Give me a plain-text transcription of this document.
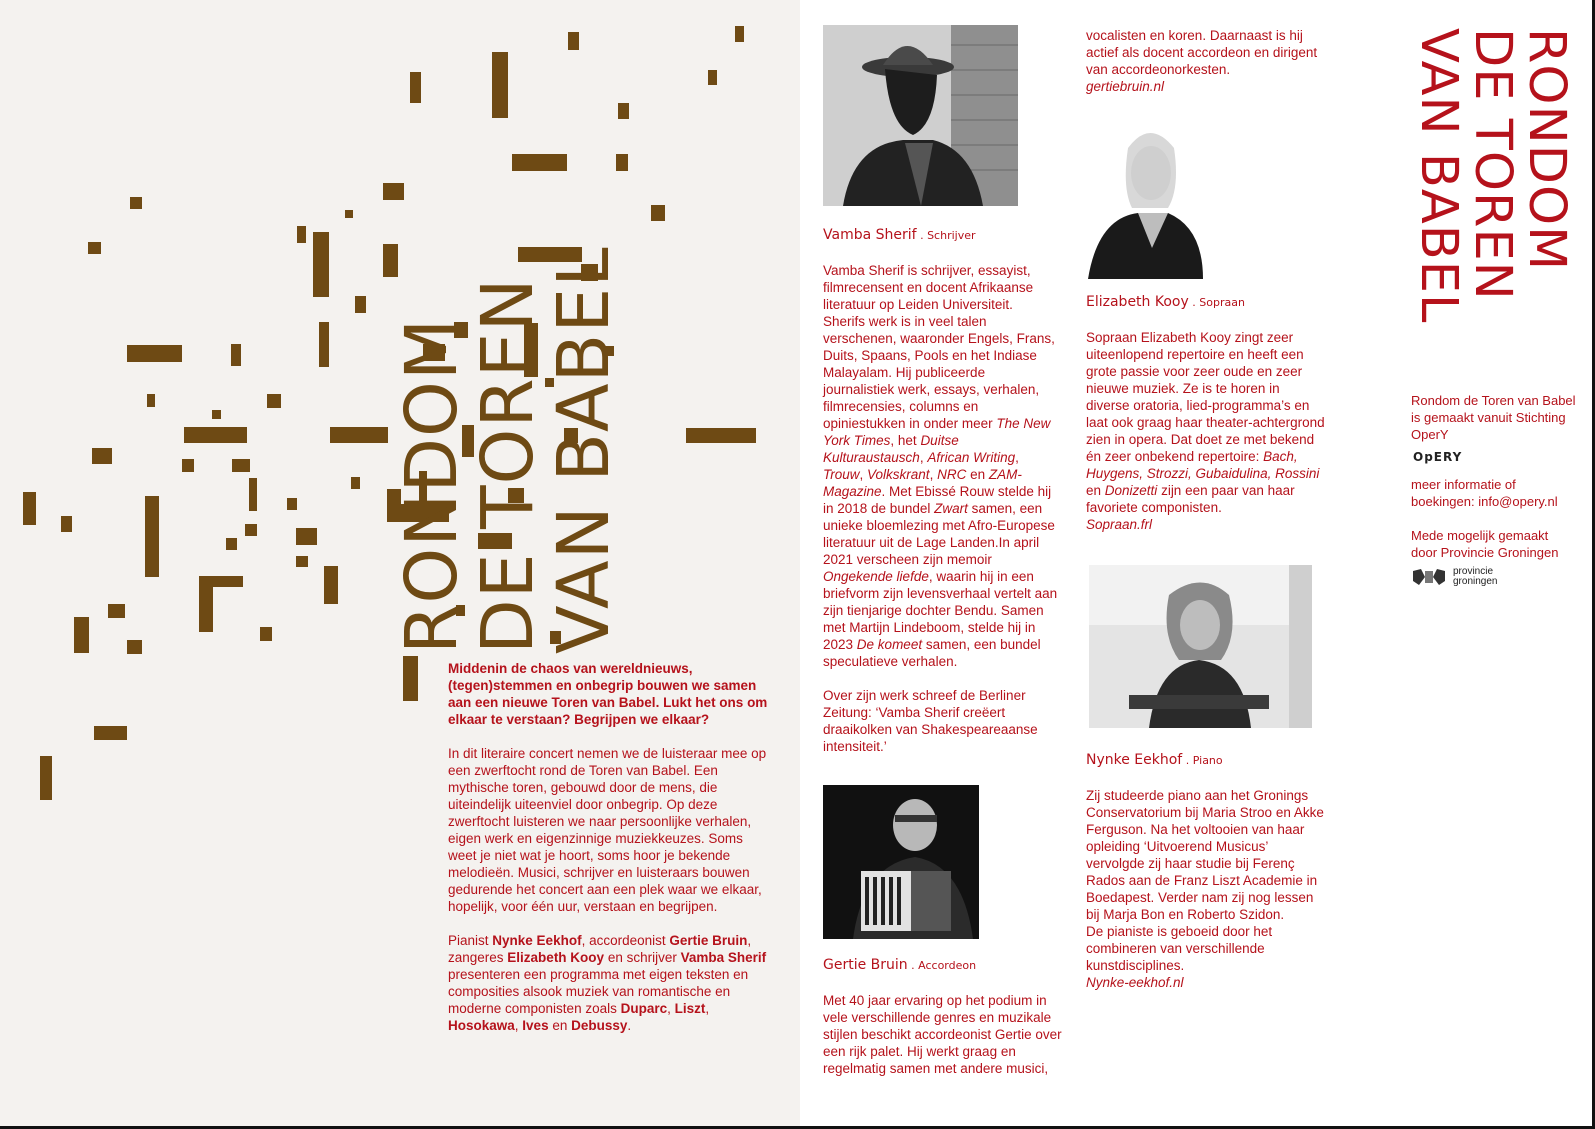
RONDOM
DE TOREN
VAN BABEL

Middenin de chaos van wereldnieuws, (tegen)stemmen en onbegrip bouwen we samen aan een nieuwe Toren van Babel. Lukt het ons om elkaar te verstaan? Begrijpen we elkaar?

In dit literaire concert nemen we de luisteraar mee op een zwerftocht rond de Toren van Babel. Een mythische toren, gebouwd door de mens, die uiteindelijk uiteenviel door onbegrip. Op deze zwerftocht luisteren we naar persoonlijke verhalen, eigen werk en eigenzinnige muziekkeuzes. Soms weet je niet wat je hoort, soms hoor je bekende melodieën. Musici, schrijver en luisteraars bouwen gedurende het concert aan een plek waar we elkaar, hopelijk, voor één uur, verstaan en begrijpen.

Pianist Nynke Eekhof, accordeonist Gertie Bruin, zangeres Elizabeth Kooy en schrijver Vamba Sherif presenteren een programma met eigen teksten en composities alsook muziek van romantische en moderne componisten zoals Duparc, Liszt, Hosokawa, Ives en Debussy.

Vamba Sherif . Schrijver

Vamba Sherif is schrijver, essayist, filmrecensent en docent Afrikaanse literatuur op Leiden Universiteit. Sherifs werk is in veel talen verschenen, waaronder Engels, Frans, Duits, Spaans, Pools en het Indiase Malayalam. Hij publiceerde journalistiek werk, essays, verhalen, filmrecensies, columns en opiniestukken in onder meer The New York Times, het Duitse Kulturaustausch, African Writing, Trouw, Volkskrant, NRC en ZAM-Magazine. Met Ebissé Rouw stelde hij in 2018 de bundel Zwart samen, een unieke bloemlezing met Afro-Europese literatuur uit de Lage Landen.In april 2021 verscheen zijn memoir Ongekende liefde, waarin hij in een briefvorm zijn levensverhaal vertelt aan zijn tienjarige dochter Bendu. Samen met Martijn Lindeboom, stelde hij in 2023 De komeet samen, een bundel speculatieve verhalen.

Over zijn werk schreef de Berliner Zeitung: ‘Vamba Sherif creëert draaikolken van Shakespeareaanse intensiteit.’

Gertie Bruin . Accordeon

Met 40 jaar ervaring op het podium in vele verschillende genres en muzikale stijlen beschikt accordeonist Gertie over een rijk palet. Hij werkt graag en regelmatig samen met andere musici,

vocalisten en koren. Daarnaast is hij actief als docent accordeon en dirigent van accordeonorkesten.

gertiebruin.nl

Elizabeth Kooy . Sopraan

Sopraan Elizabeth Kooy zingt zeer uiteenlopend repertoire en heeft een grote passie voor zeer oude en zeer nieuwe muziek. Ze is te horen in diverse oratoria, lied-programma’s en laat ook graag haar theater-achtergrond zien in opera. Dat doet ze met bekend én zeer onbekend repertoire: Bach, Huygens, Strozzi, Gubaidulina, Rossini en Donizetti zijn een paar van haar favoriete componisten.

Sopraan.frl

Nynke Eekhof . Piano

Zij studeerde piano aan het Gronings Conservatorium bij Maria Stroo en Akke Ferguson. Na het voltooien van haar opleiding ‘Uitvoerend Musicus’ vervolgde zij haar studie bij Ferenç Rados aan de Franz Liszt Academie in Boedapest. Verder nam zij nog lessen bij Marja Bon en Roberto Szidon.

De pianiste is geboeid door het combineren van verschillende kunstdisciplines.

Nynke-eekhof.nl

RONDOM
DE TOREN
VAN BABEL

Rondom de Toren van Babel is gemaakt vanuit Stichting OperY

OpERY

meer informatie of boekingen: info@opery.nl

Mede mogelijk gemaakt door Provincie Groningen

provincie
groningen
